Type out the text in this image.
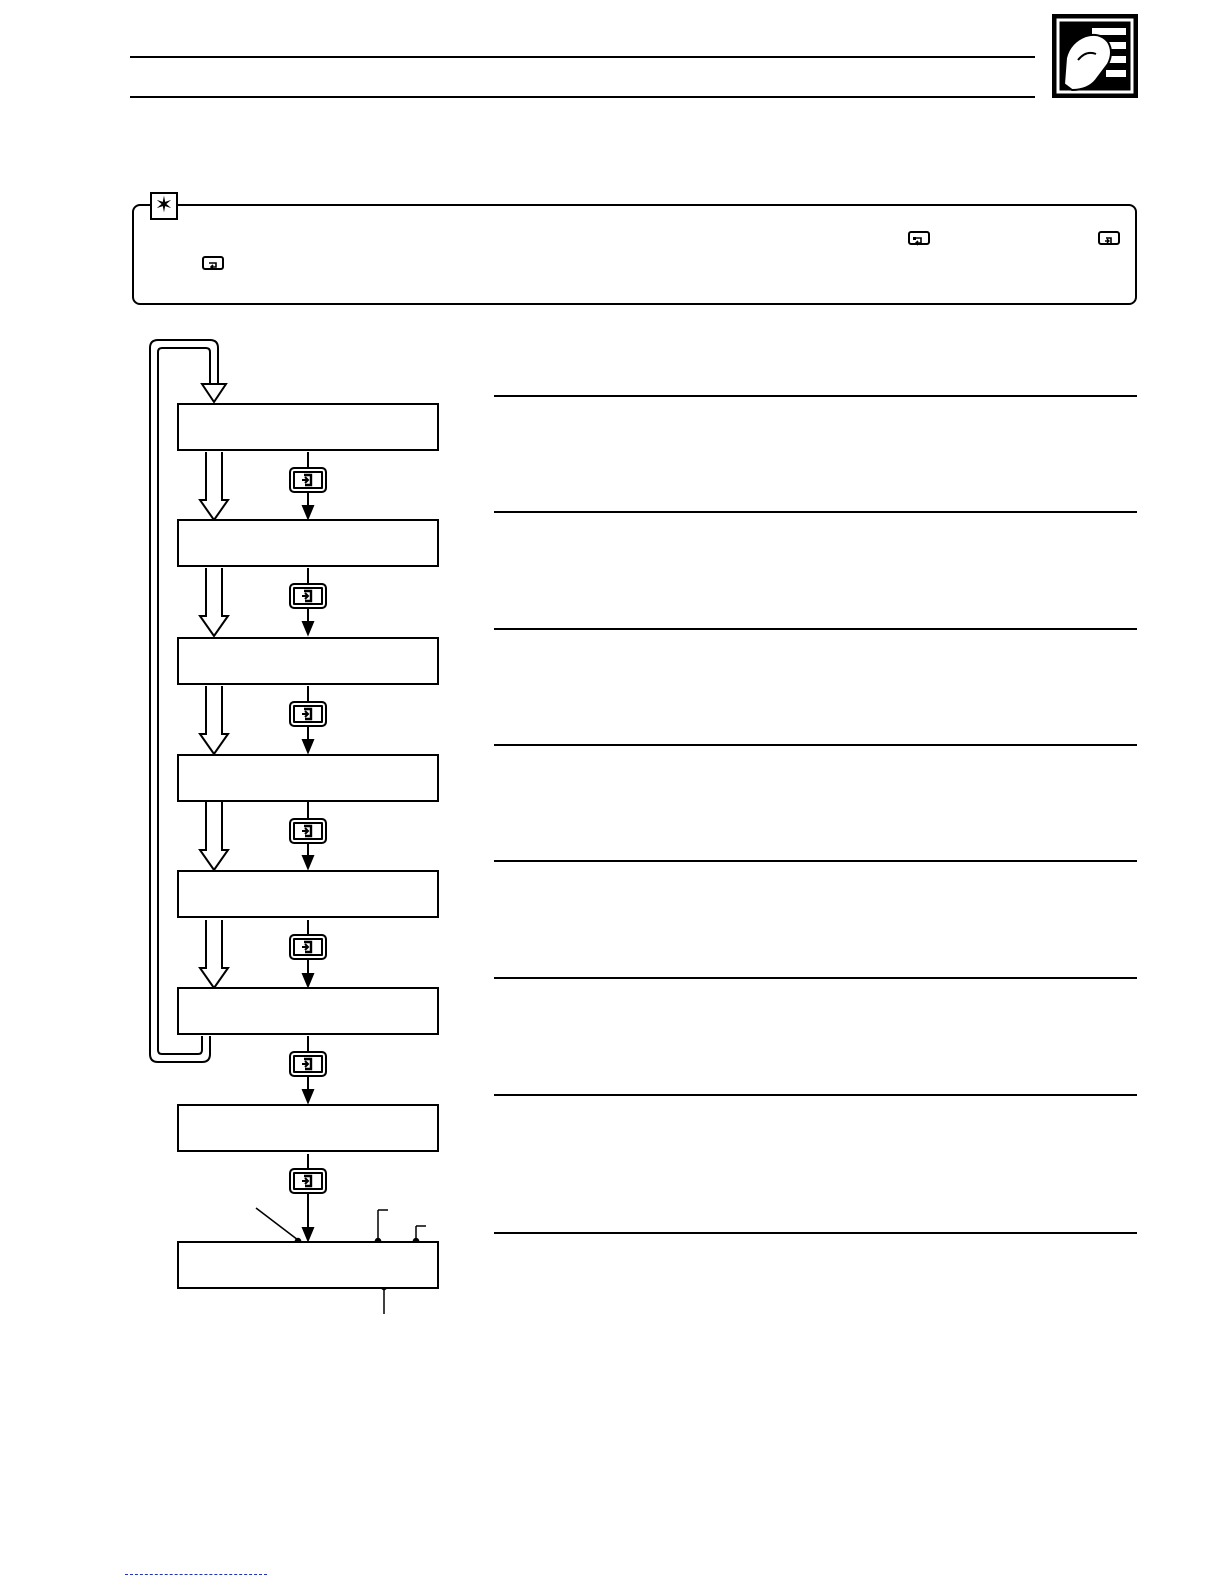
✶
